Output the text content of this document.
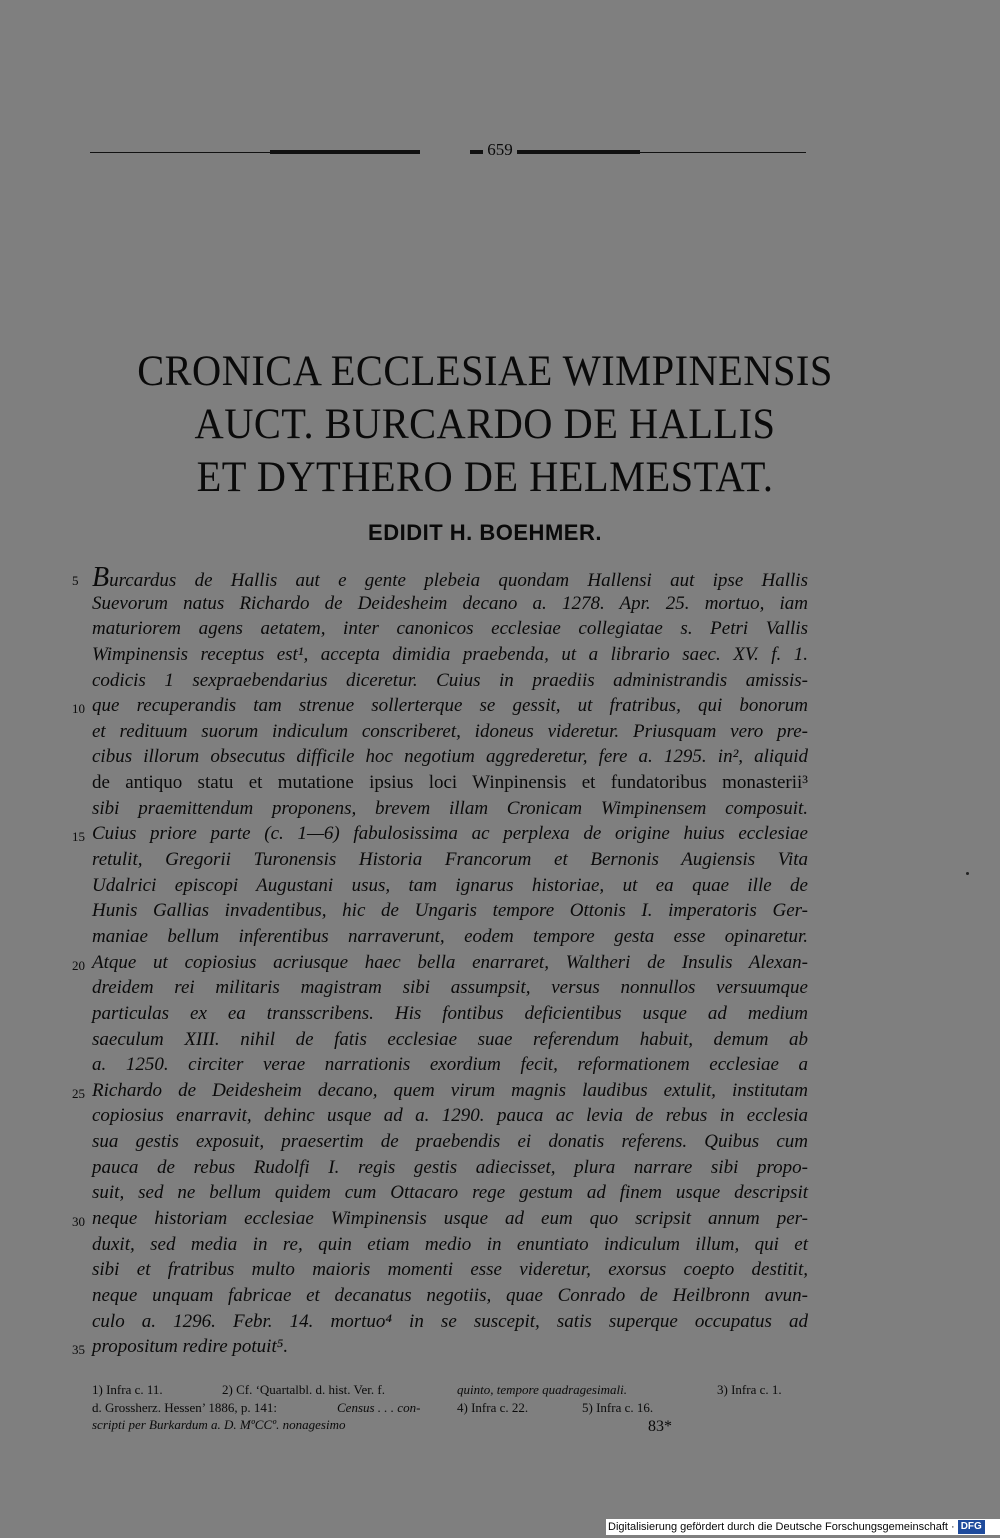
659
CRONICA ECCLESIAE WIMPINENSIS
AUCT. BURCARDO DE HALLIS
ET DYTHERO DE HELMESTAT.
EDIDIT H. BOEHMER.
5 Burcardus de Hallis aut e gente plebeia quondam Hallensi aut ipse Hallis
Suevorum natus Richardo de Deidesheim decano a. 1278. Apr. 25. mortuo, iam
maturiorem agens aetatem, inter canonicos ecclesiae collegiatae s. Petri Vallis
Wimpinensis receptus est¹, accepta dimidia praebenda, ut a librario saec. XV. f. 1.
codicis 1 sexpraebendarius diceretur. Cuius in praediis administrandis amissis-
10 que recuperandis tam strenue sollerterque se gessit, ut fratribus, qui bonorum
et redituum suorum indiculum conscriberet, idoneus videretur. Priusquam vero pre-
cibus illorum obsecutus difficile hoc negotium aggrederetur, fere a. 1295. in², aliquid
de antiquo statu et mutatione ipsius loci Winpinensis et fundatoribus monasterii³
sibi praemittendum proponens, brevem illam Cronicam Wimpinensem composuit.
15 Cuius priore parte (c. 1—6) fabulosissima ac perplexa de origine huius ecclesiae
retulit, Gregorii Turonensis Historia Francorum et Bernonis Augiensis Vita
Udalrici episcopi Augustani usus, tam ignarus historiae, ut ea quae ille de
Hunis Gallias invadentibus, hic de Ungaris tempore Ottonis I. imperatoris Ger-
maniae bellum inferentibus narraverunt, eodem tempore gesta esse opinaretur.
20 Atque ut copiosius acriusque haec bella enarraret, Waltheri de Insulis Alexan-
dreidem rei militaris magistram sibi assumpsit, versus nonnullos versuumque
particulas ex ea transscribens. His fontibus deficientibus usque ad medium
saeculum XIII. nihil de fatis ecclesiae suae referendum habuit, demum ab
a. 1250. circiter verae narrationis exordium fecit, reformationem ecclesiae a
25 Richardo de Deidesheim decano, quem virum magnis laudibus extulit, institutam
copiosius enarravit, dehinc usque ad a. 1290. pauca ac levia de rebus in ecclesia
sua gestis exposuit, praesertim de praebendis ei donatis referens. Quibus cum
pauca de rebus Rudolfi I. regis gestis adiecisset, plura narrare sibi propo-
suit, sed ne bellum quidem cum Ottacaro rege gestum ad finem usque descripsit
30 neque historiam ecclesiae Wimpinensis usque ad eum quo scripsit annum per-
duxit, sed media in re, quin etiam medio in enuntiato indiculum illum, qui et
sibi et fratribus multo maioris momenti esse videretur, exorsus coepto destitit,
neque unquam fabricae et decanatus negotiis, quae Conrado de Heilbronn avun-
culo a. 1296. Febr. 14. mortuo⁴ in se suscepit, satis superque occupatus ad
35 propositum redire potuit⁵.
1) Infra c. 11.	2) Cf. ‘Quartalbl. d. hist. Ver. f.	quinto, tempore quadragesimali.	3) Infra c. 1.
d. Grossherz. Hessen’ 1886, p. 141:	Census . . . con-	4) Infra c. 22.	5) Infra c. 16.
scripti per Burkardum a. D. MºCCº. nonagesimo	83*
Digitalisierung gefördert durch die Deutsche Forschungsgemeinschaft · DFG
